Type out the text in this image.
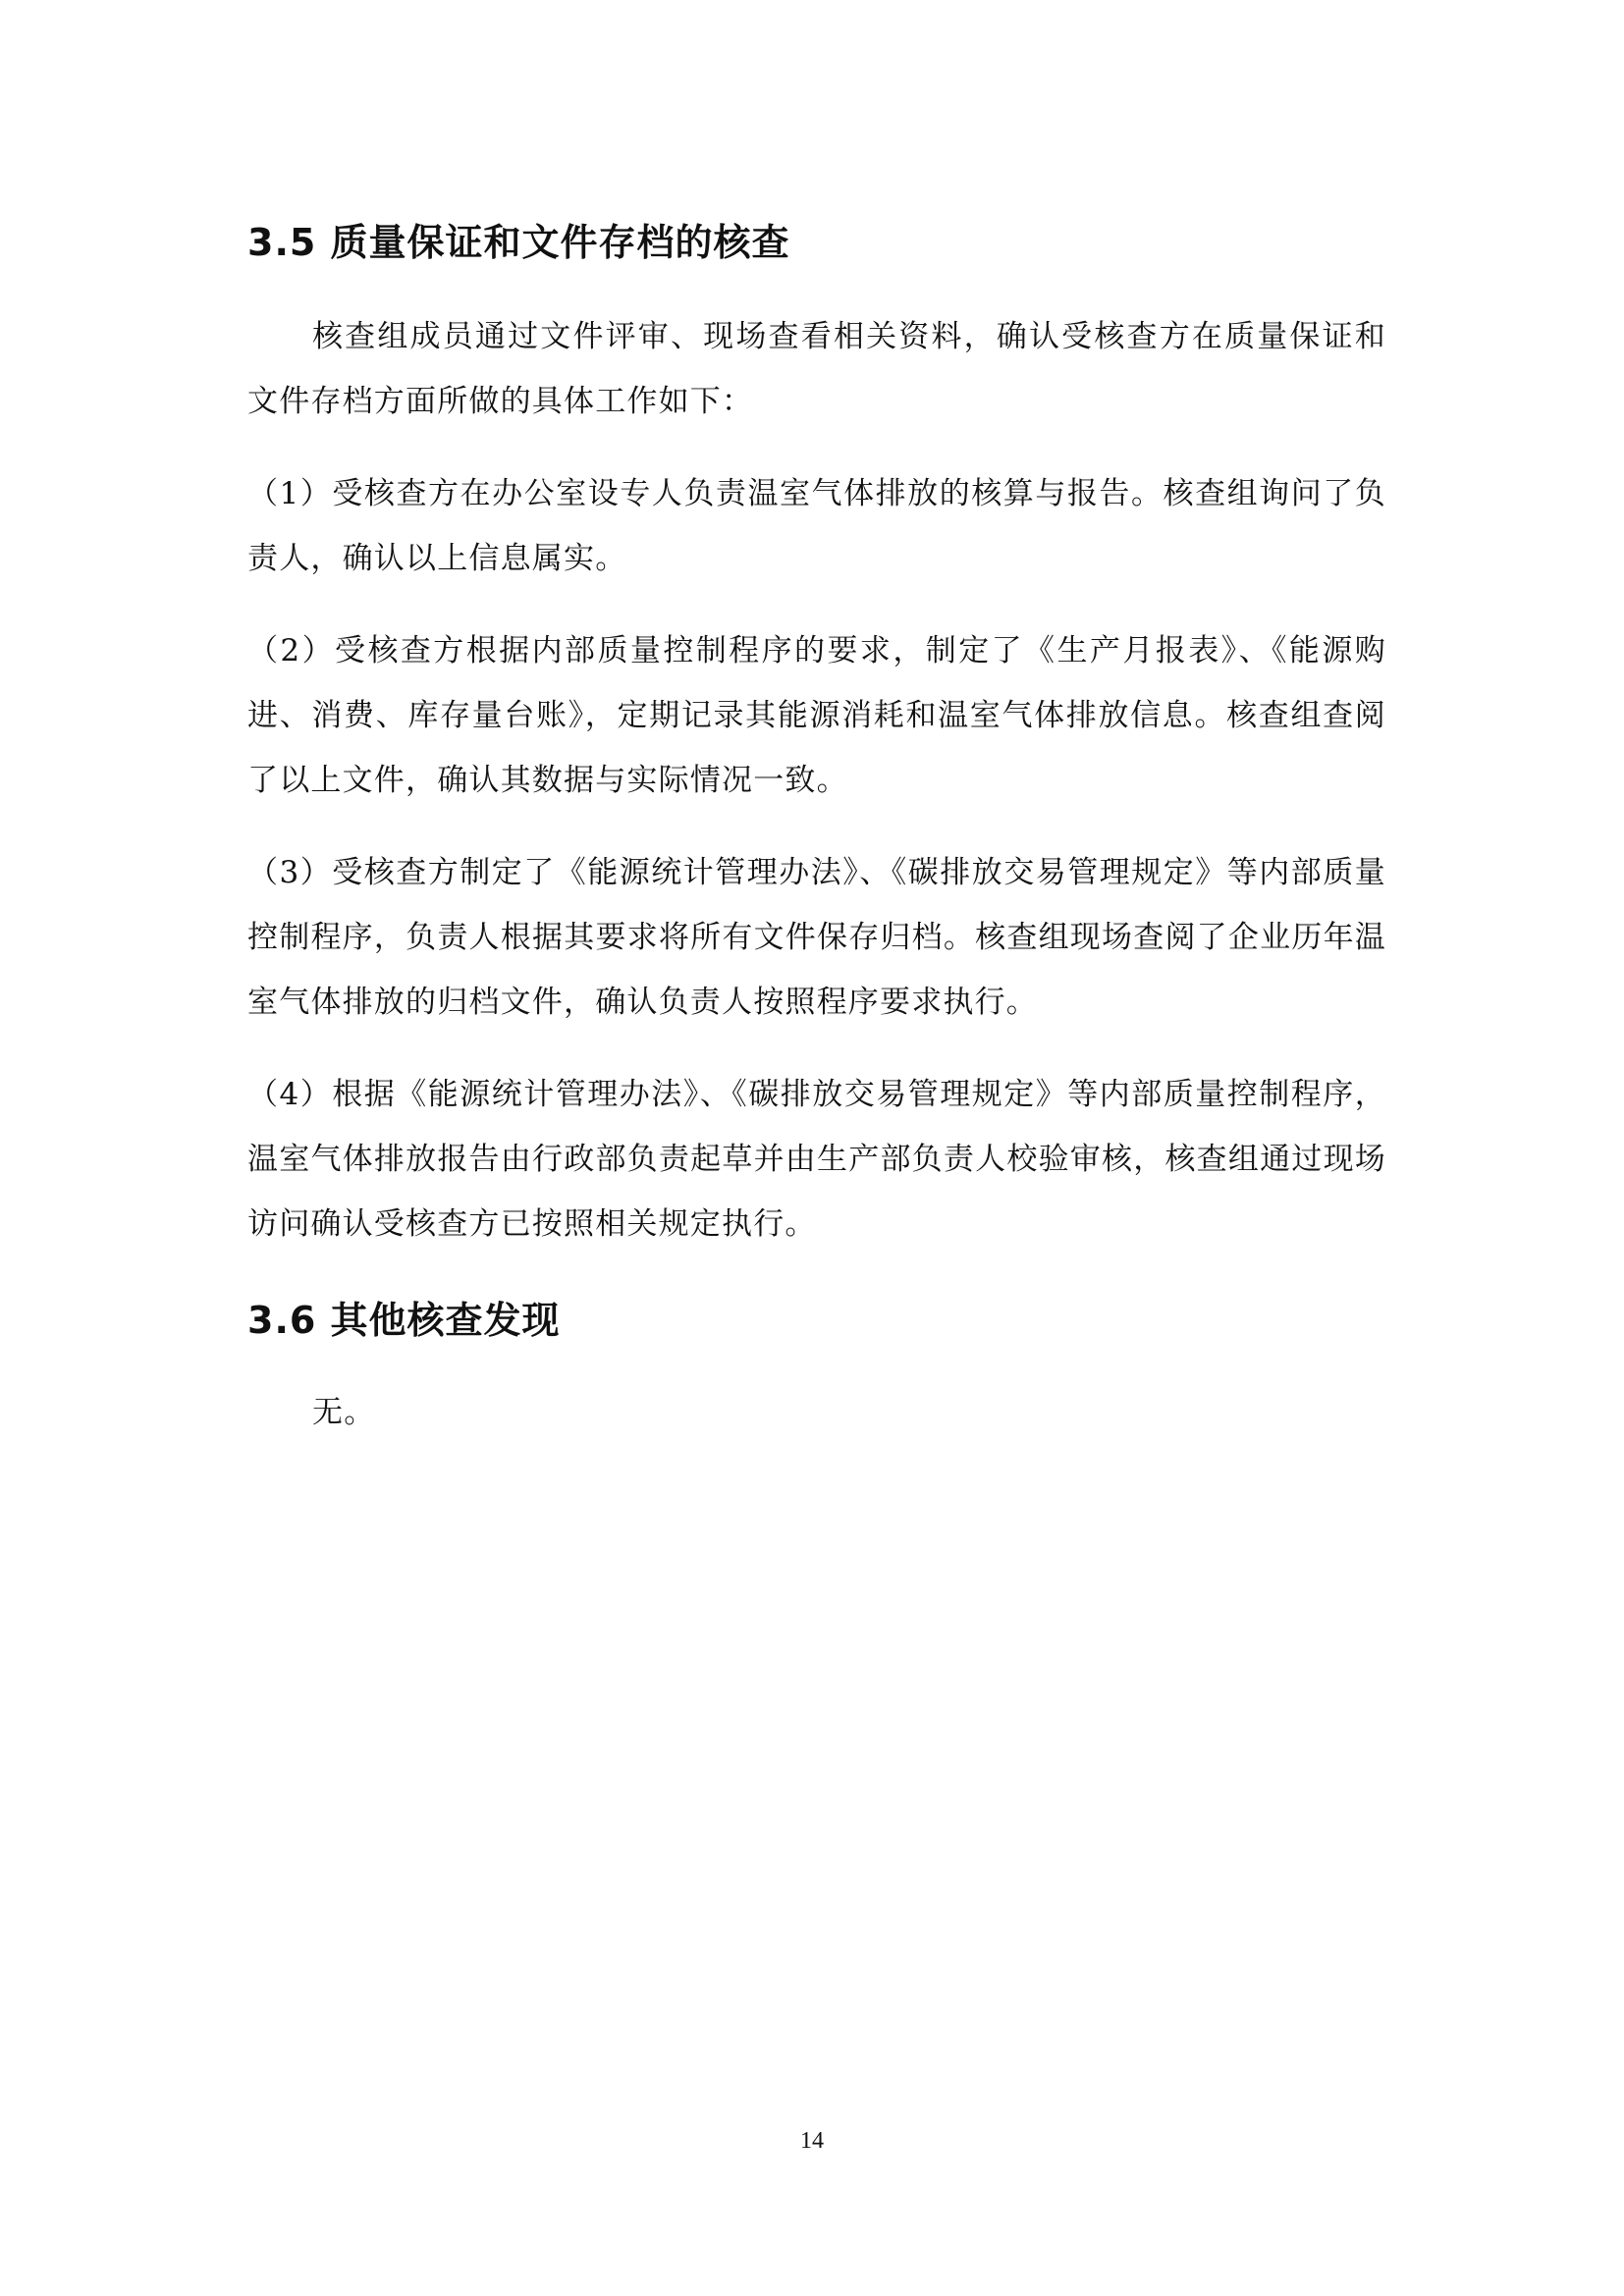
3.5 质量保证和文件存档的核查

核查组成员通过文件评审、现场查看相关资料，确认受核查方在质量保证和文件存档方面所做的具体工作如下：

（1）受核查方在办公室设专人负责温室气体排放的核算与报告。核查组询问了负责人，确认以上信息属实。

（2）受核查方根据内部质量控制程序的要求，制定了《生产月报表》、《能源购进、消费、库存量台账》，定期记录其能源消耗和温室气体排放信息。核查组查阅了以上文件，确认其数据与实际情况一致。

（3）受核查方制定了《能源统计管理办法》、《碳排放交易管理规定》等内部质量控制程序，负责人根据其要求将所有文件保存归档。核查组现场查阅了企业历年温室气体排放的归档文件，确认负责人按照程序要求执行。

（4）根据《能源统计管理办法》、《碳排放交易管理规定》等内部质量控制程序，温室气体排放报告由行政部负责起草并由生产部负责人校验审核，核查组通过现场访问确认受核查方已按照相关规定执行。

3.6 其他核查发现

无。

14
